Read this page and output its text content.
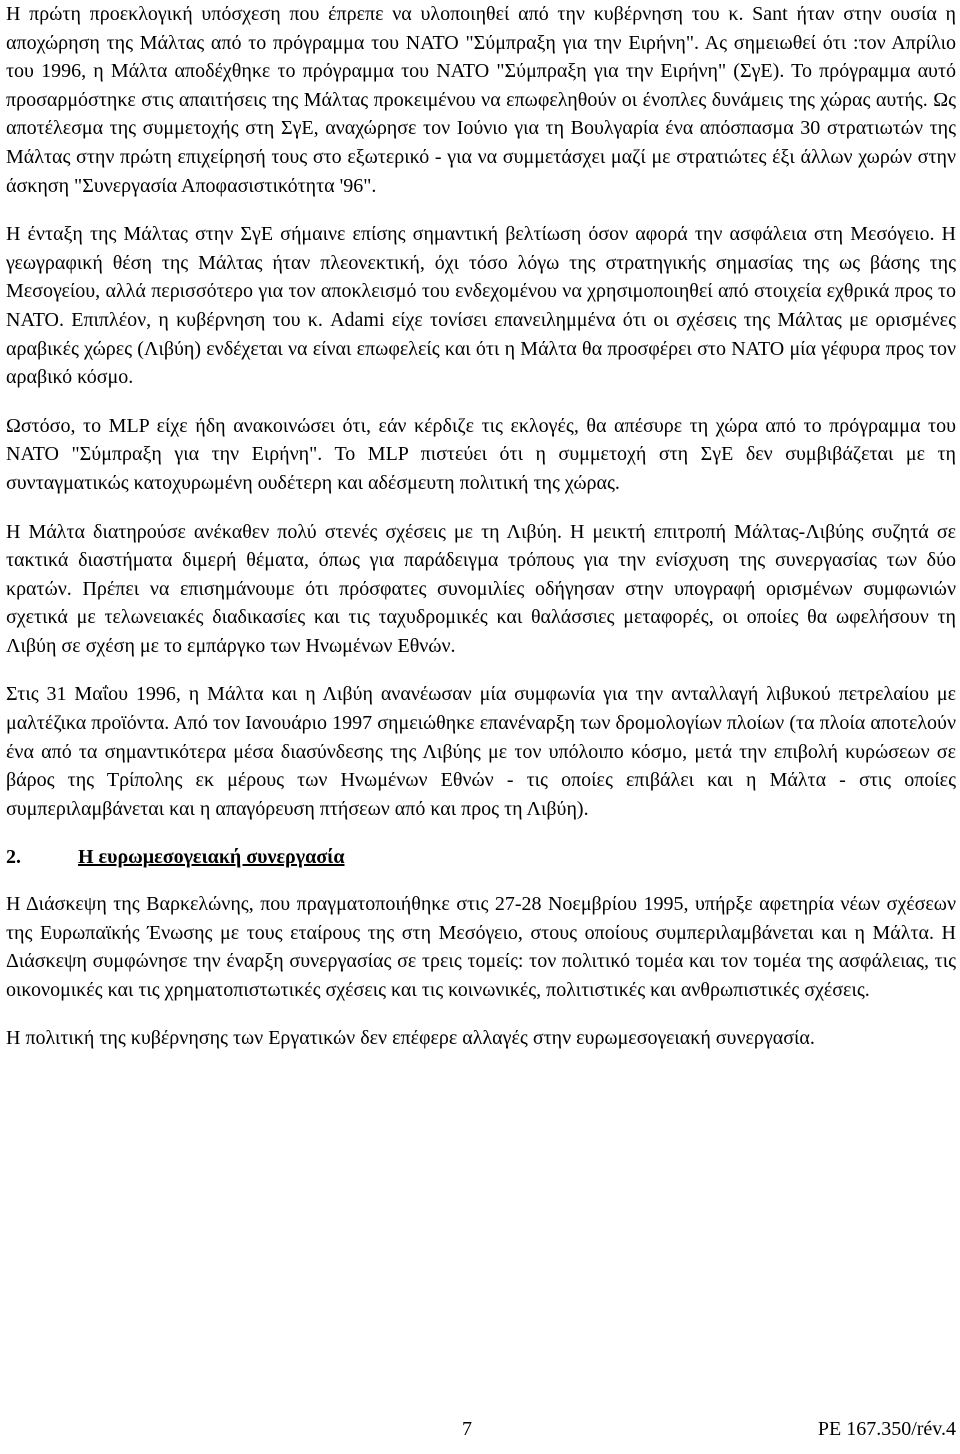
Η πρώτη προεκλογική υπόσχεση που έπρεπε να υλοποιηθεί από την κυβέρνηση του κ. Sant ήταν στην ουσία η αποχώρηση της Μάλτας από το πρόγραμμα του ΝΑΤΟ "Σύμπραξη για την Ειρήνη". Ας σημειωθεί ότι :τον Απρίλιο του 1996, η Μάλτα αποδέχθηκε το πρόγραμμα του ΝΑΤΟ "Σύμπραξη για την Ειρήνη" (ΣγΕ). Το πρόγραμμα αυτό προσαρμόστηκε στις απαιτήσεις της Μάλτας προκειμένου να επωφεληθούν οι ένοπλες δυνάμεις της χώρας αυτής. Ως αποτέλεσμα της συμμετοχής στη ΣγΕ, αναχώρησε τον Ιούνιο για τη Βουλγαρία ένα απόσπασμα 30 στρατιωτών της Μάλτας στην πρώτη επιχείρησή τους στο εξωτερικό - για να συμμετάσχει μαζί με στρατιώτες έξι άλλων χωρών στην άσκηση "Συνεργασία Αποφασιστικότητα '96".

Η ένταξη της Μάλτας στην ΣγΕ σήμαινε επίσης σημαντική βελτίωση όσον αφορά την ασφάλεια στη Μεσόγειο. Η γεωγραφική θέση της Μάλτας ήταν πλεονεκτική, όχι τόσο λόγω της στρατηγικής σημασίας της ως βάσης της Μεσογείου, αλλά περισσότερο για τον αποκλεισμό του ενδεχομένου να χρησιμοποιηθεί από στοιχεία εχθρικά προς το ΝΑΤΟ. Επιπλέον, η κυβέρνηση του κ. Adami είχε τονίσει επανειλημμένα ότι οι σχέσεις της Μάλτας με ορισμένες αραβικές χώρες (Λιβύη) ενδέχεται να είναι επωφελείς και ότι η Μάλτα θα προσφέρει στο ΝΑΤΟ μία γέφυρα προς τον αραβικό κόσμο.

Ωστόσο, το MLP είχε ήδη ανακοινώσει ότι, εάν κέρδιζε τις εκλογές, θα απέσυρε τη χώρα από το πρόγραμμα του ΝΑΤΟ "Σύμπραξη για την Ειρήνη". Το MLP πιστεύει ότι η συμμετοχή στη ΣγΕ δεν συμβιβάζεται με τη συνταγματικώς κατοχυρωμένη ουδέτερη και αδέσμευτη πολιτική της χώρας.

Η Μάλτα διατηρούσε ανέκαθεν πολύ στενές σχέσεις με τη Λιβύη. Η μεικτή επιτροπή Μάλτας-Λιβύης συζητά σε τακτικά διαστήματα διμερή θέματα, όπως για παράδειγμα τρόπους για την ενίσχυση της συνεργασίας των δύο κρατών. Πρέπει να επισημάνουμε ότι πρόσφατες συνομιλίες οδήγησαν στην υπογραφή ορισμένων συμφωνιών σχετικά με τελωνειακές διαδικασίες και τις ταχυδρομικές και θαλάσσιες μεταφορές, οι οποίες θα ωφελήσουν τη Λιβύη σε σχέση με το εμπάργκο των Ηνωμένων Εθνών.

Στις 31 Μαΐου 1996, η Μάλτα και η Λιβύη ανανέωσαν μία συμφωνία για την ανταλλαγή λιβυκού πετρελαίου με μαλτέζικα προϊόντα. Από τον Ιανουάριο 1997 σημειώθηκε επανέναρξη των δρομολογίων πλοίων (τα πλοία αποτελούν ένα από τα σημαντικότερα μέσα διασύνδεσης της Λιβύης με τον υπόλοιπο κόσμο, μετά την επιβολή κυρώσεων σε βάρος της Τρίπολης εκ μέρους των Ηνωμένων Εθνών - τις οποίες επιβάλει και η Μάλτα - στις οποίες συμπεριλαμβάνεται και η απαγόρευση πτήσεων από και προς τη Λιβύη).

2.	Η ευρωμεσογειακή συνεργασία

Η Διάσκεψη της Βαρκελώνης, που πραγματοποιήθηκε στις 27-28 Νοεμβρίου 1995, υπήρξε αφετηρία νέων σχέσεων της Ευρωπαϊκής Ένωσης με τους εταίρους της στη Μεσόγειο, στους οποίους συμπεριλαμβάνεται και η Μάλτα. Η Διάσκεψη συμφώνησε την έναρξη συνεργασίας σε τρεις τομείς: τον πολιτικό τομέα και τον τομέα της ασφάλειας, τις οικονομικές και τις χρηματοπιστωτικές σχέσεις και τις κοινωνικές, πολιτιστικές και ανθρωπιστικές σχέσεις.

Η πολιτική της κυβέρνησης των Εργατικών δεν επέφερε αλλαγές στην ευρωμεσογειακή συνεργασία.

7	PE 167.350/rév.4
